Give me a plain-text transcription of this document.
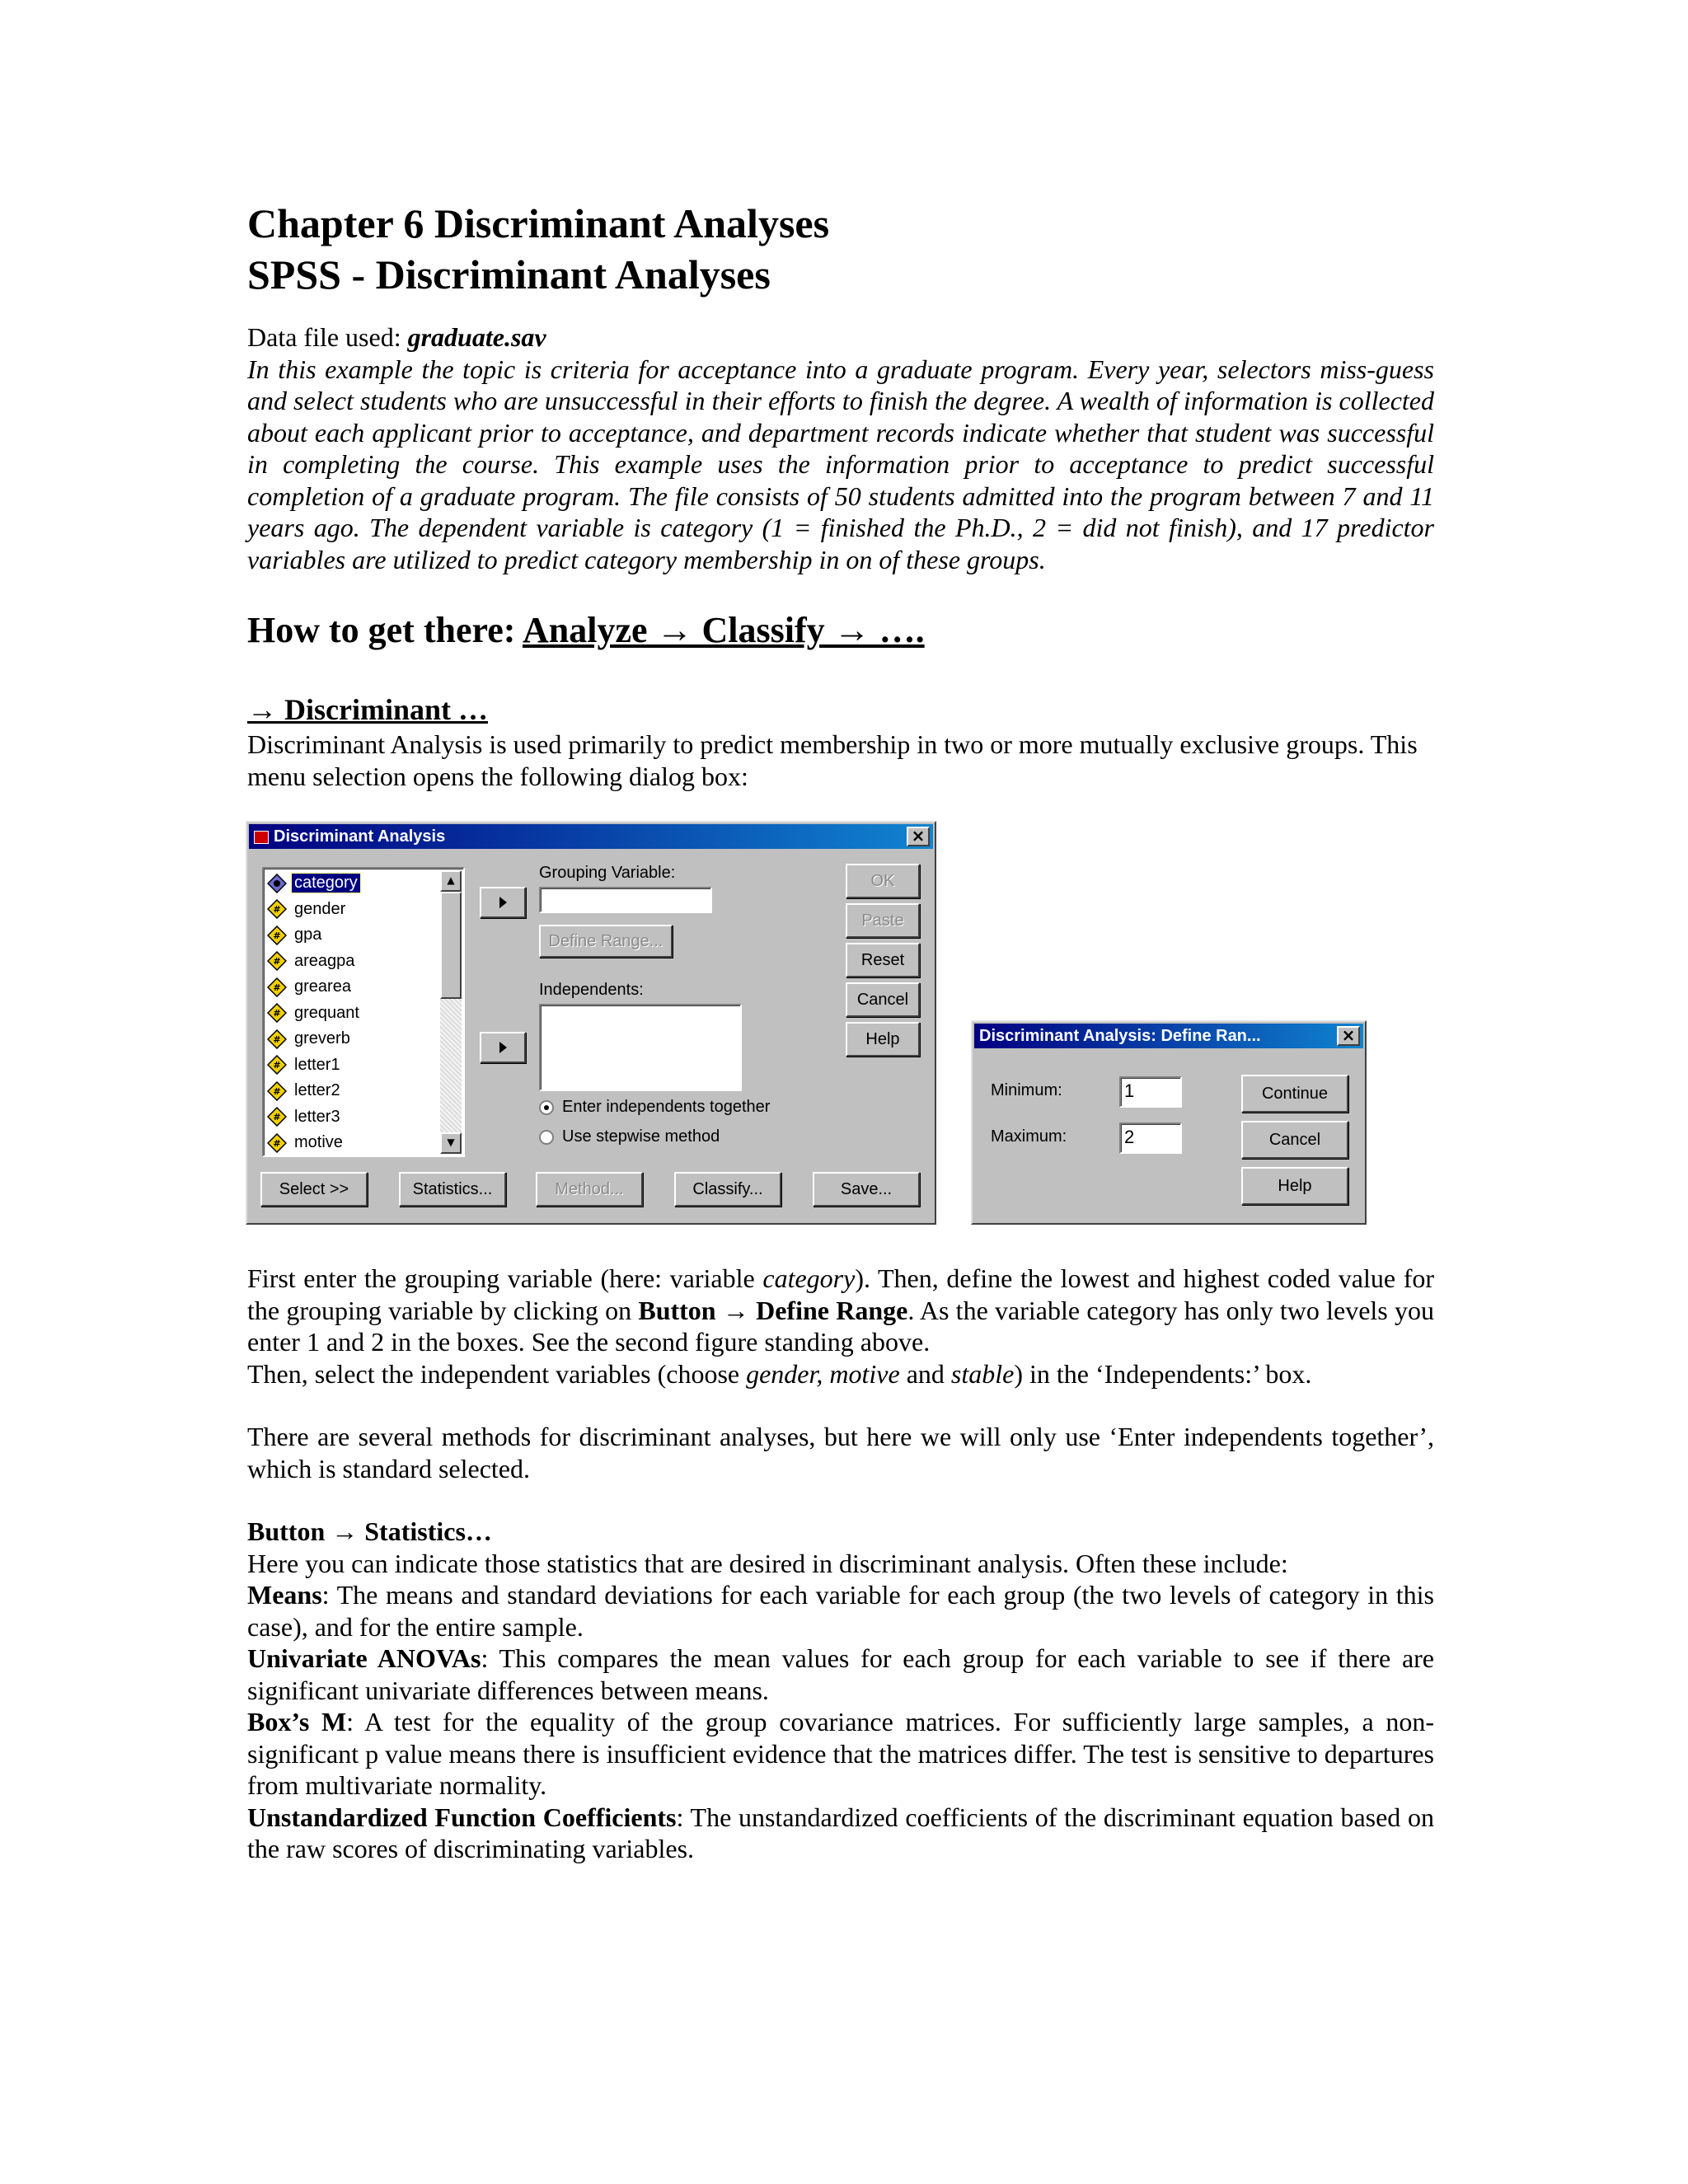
Chapter 6 Discriminant Analyses
SPSS - Discriminant Analyses

Data file used: graduate.sav

In this example the topic is criteria for acceptance into a graduate program. Every year, selectors miss-guess and select students who are unsuccessful in their efforts to finish the degree. A wealth of information is collected about each applicant prior to acceptance, and department records indicate whether that student was successful in completing the course. This example uses the information prior to acceptance to predict successful completion of a graduate program. The file consists of 50 students admitted into the program between 7 and 11 years ago. The dependent variable is category (1 = finished the Ph.D., 2 = did not finish), and 17 predictor variables are utilized to predict category membership in on of these groups.

How to get there: Analyze → Classify → ….

→ Discriminant …

Discriminant Analysis is used primarily to predict membership in two or more mutually exclusive groups. This menu selection opens the following dialog box:

Discriminant Analysis	×
category
# gender
# gpa
# areagpa
# grearea
# grequant
# greverb
# letter1
# letter2
# letter3
# motive
▲
▼
Grouping Variable:
Define Range...
Independents:
Enter independents together
Use stepwise method
OK
Paste
Reset
Cancel
Help
Select >>	Statistics...	Method...	Classify...	Save...
Discriminant Analysis: Define Ran...	×
Minimum:	1
Maximum:	2
Continue
Cancel
Help

First enter the grouping variable (here: variable category). Then, define the lowest and highest coded value for the grouping variable by clicking on Button → Define Range. As the variable category has only two levels you enter 1 and 2 in the boxes. See the second figure standing above.

Then, select the independent variables (choose gender, motive and stable) in the ‘Independents:’ box.

There are several methods for discriminant analyses, but here we will only use ‘Enter independents together’, which is standard selected.

Button → Statistics…

Here you can indicate those statistics that are desired in discriminant analysis. Often these include:

Means: The means and standard deviations for each variable for each group (the two levels of category in this case), and for the entire sample.

Univariate ANOVAs: This compares the mean values for each group for each variable to see if there are significant univariate differences between means.

Box’s M: A test for the equality of the group covariance matrices. For sufficiently large samples, a non-significant p value means there is insufficient evidence that the matrices differ. The test is sensitive to departures from multivariate normality.

Unstandardized Function Coefficients: The unstandardized coefficients of the discriminant equation based on the raw scores of discriminating variables.
